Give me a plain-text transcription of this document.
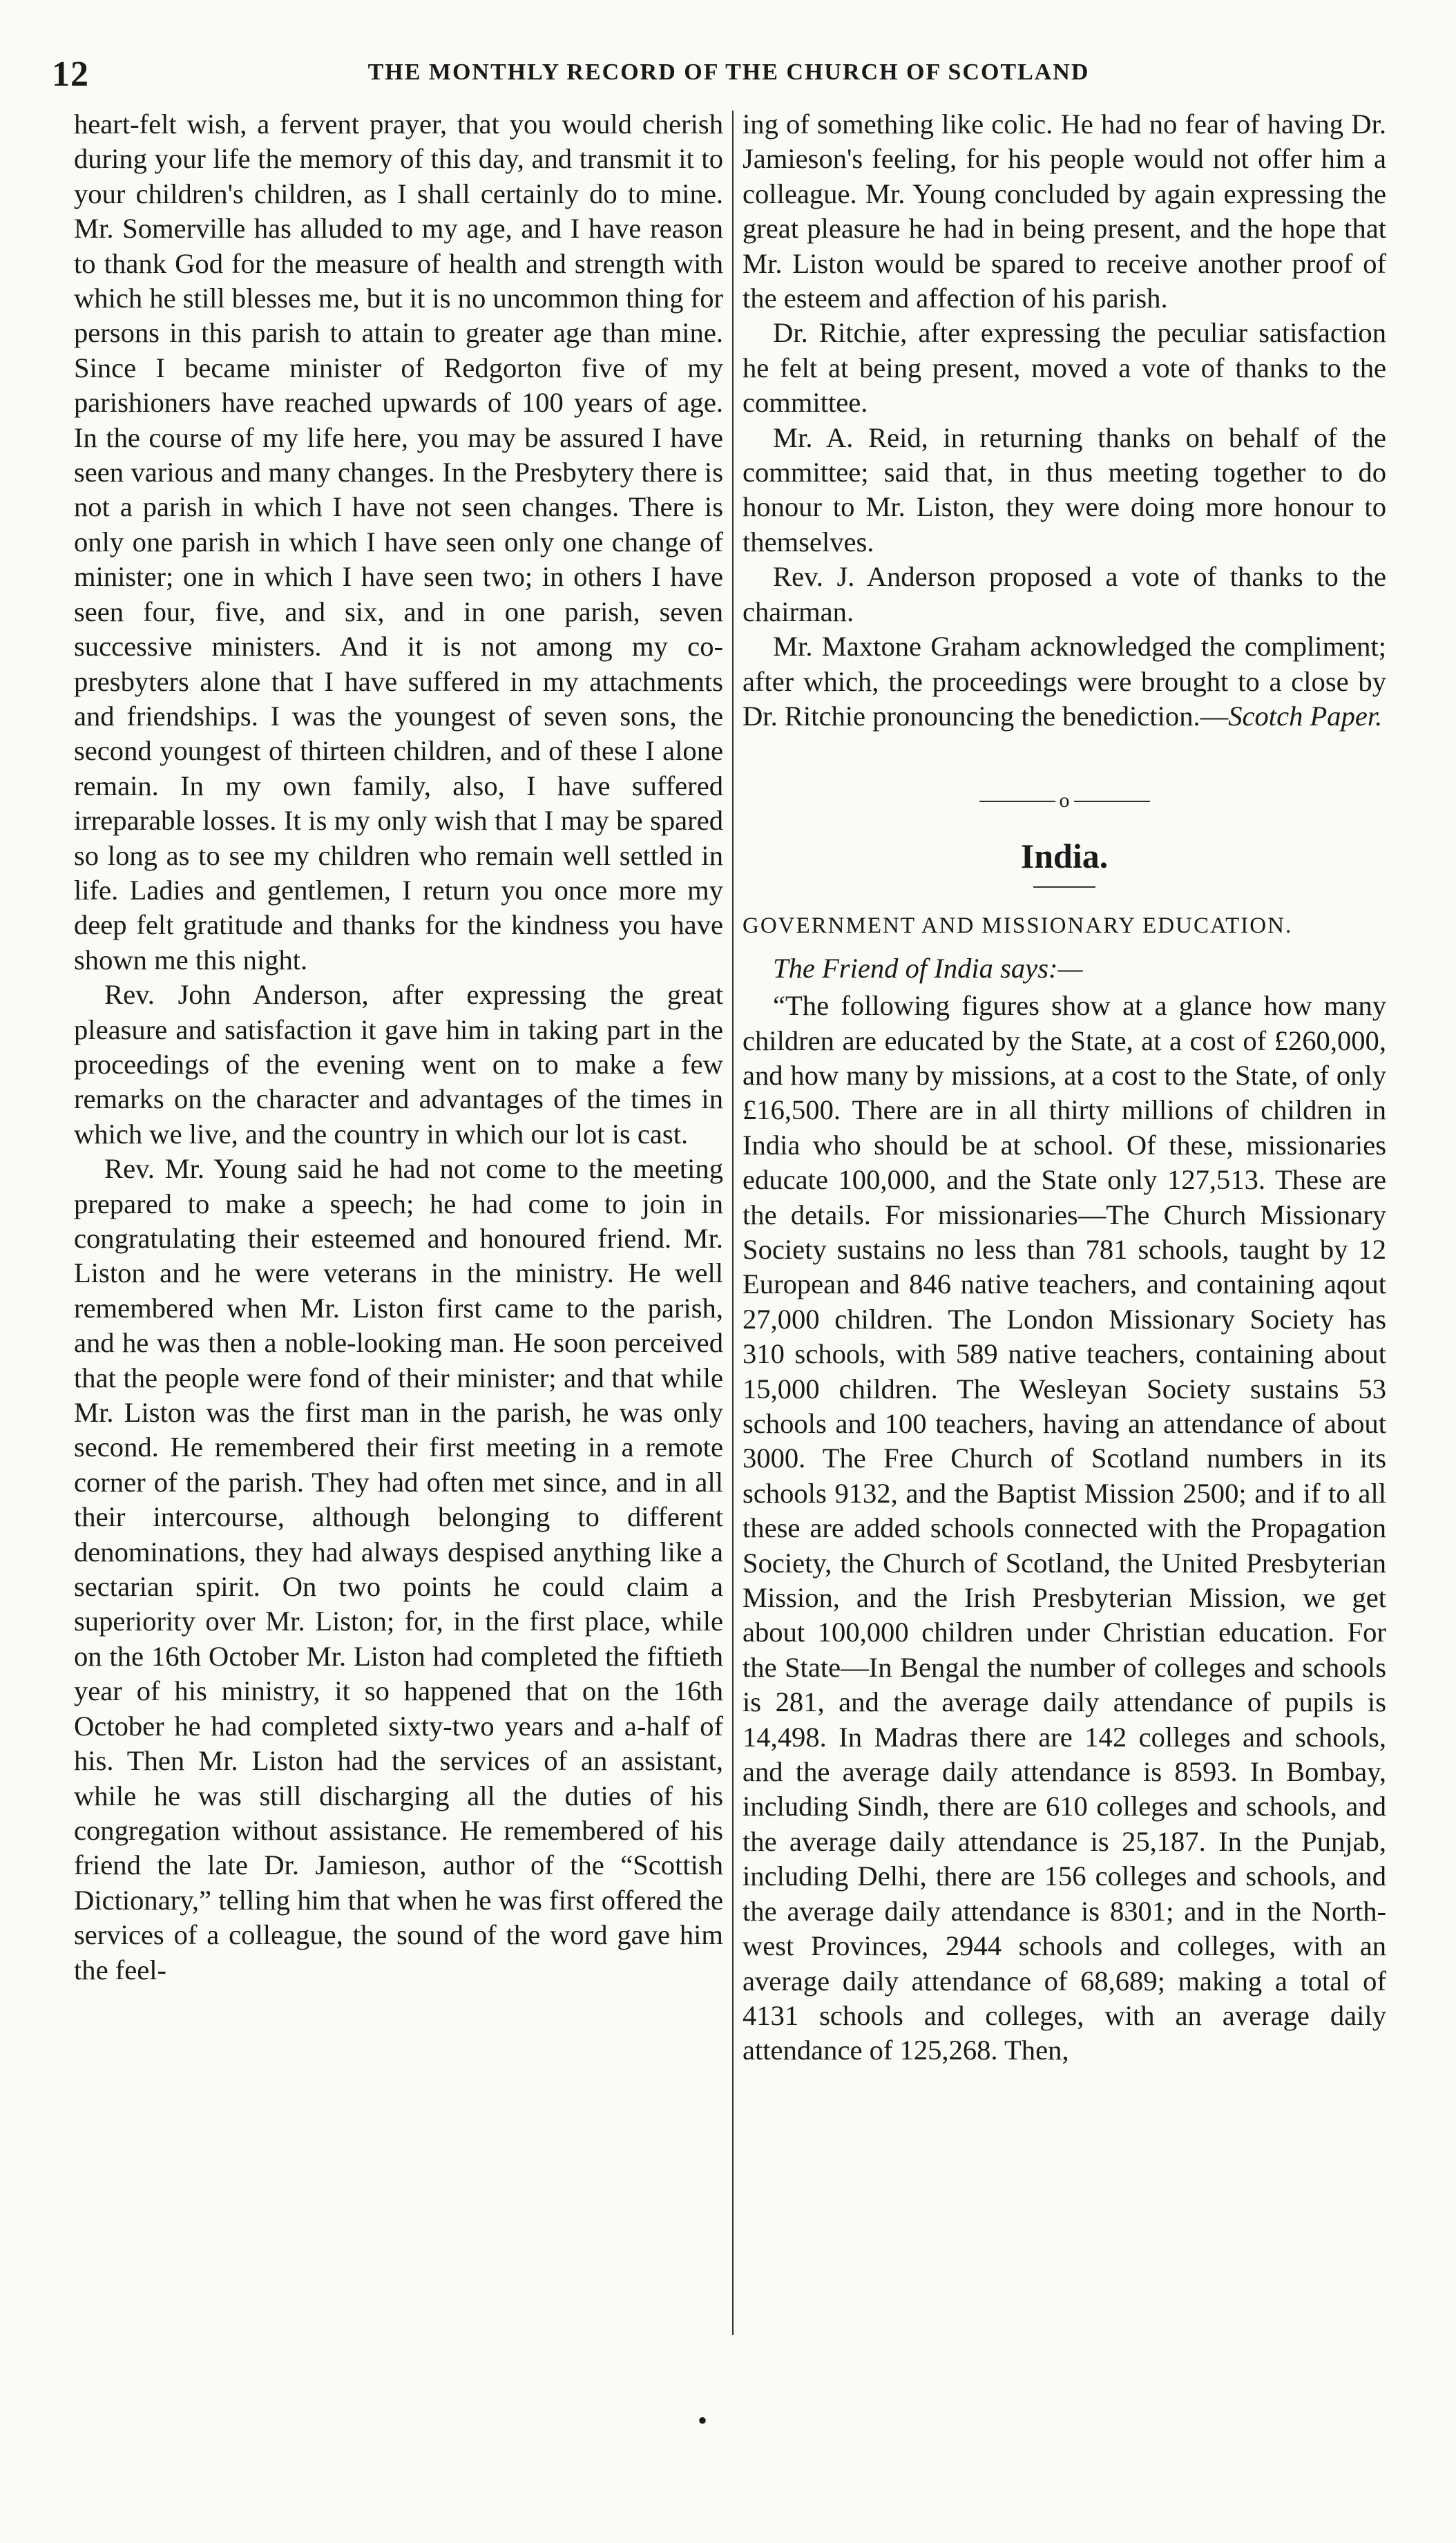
12	THE MONTHLY RECORD OF THE CHURCH OF SCOTLAND

heart-felt wish, a fervent prayer, that you would cherish during your life the memory of this day, and transmit it to your children's children, as I shall certainly do to mine. Mr. Somerville has alluded to my age, and I have reason to thank God for the measure of health and strength with which he still blesses me, but it is no uncommon thing for persons in this parish to attain to greater age than mine. Since I became minister of Redgorton five of my parishioners have reached upwards of 100 years of age. In the course of my life here, you may be assured I have seen various and many changes. In the Presbytery there is not a parish in which I have not seen changes. There is only one parish in which I have seen only one change of minister; one in which I have seen two; in others I have seen four, five, and six, and in one parish, seven successive ministers. And it is not among my co-presbyters alone that I have suffered in my attachments and friendships. I was the youngest of seven sons, the second youngest of thirteen children, and of these I alone remain. In my own family, also, I have suffered irreparable losses. It is my only wish that I may be spared so long as to see my children who remain well settled in life. Ladies and gentlemen, I return you once more my deep felt gratitude and thanks for the kindness you have shown me this night.

Rev. John Anderson, after expressing the great pleasure and satisfaction it gave him in taking part in the proceedings of the evening went on to make a few remarks on the character and advantages of the times in which we live, and the country in which our lot is cast.

Rev. Mr. Young said he had not come to the meeting prepared to make a speech; he had come to join in congratulating their esteemed and honoured friend. Mr. Liston and he were veterans in the ministry. He well remembered when Mr. Liston first came to the parish, and he was then a noble-looking man. He soon perceived that the people were fond of their minister; and that while Mr. Liston was the first man in the parish, he was only second. He remembered their first meeting in a remote corner of the parish. They had often met since, and in all their intercourse, although belonging to different denominations, they had always despised anything like a sectarian spirit. On two points he could claim a superiority over Mr. Liston; for, in the first place, while on the 16th October Mr. Liston had completed the fiftieth year of his ministry, it so happened that on the 16th October he had completed sixty-two years and a-half of his. Then Mr. Liston had the services of an assistant, while he was still discharging all the duties of his congregation without assistance. He remembered of his friend the late Dr. Jamieson, author of the “Scottish Dictionary,” telling him that when he was first offered the services of a colleague, the sound of the word gave him the feel-

ing of something like colic. He had no fear of having Dr. Jamieson's feeling, for his people would not offer him a colleague. Mr. Young concluded by again expressing the great pleasure he had in being present, and the hope that Mr. Liston would be spared to receive another proof of the esteem and affection of his parish.

Dr. Ritchie, after expressing the peculiar satisfaction he felt at being present, moved a vote of thanks to the committee.

Mr. A. Reid, in returning thanks on behalf of the committee; said that, in thus meeting together to do honour to Mr. Liston, they were doing more honour to themselves.

Rev. J. Anderson proposed a vote of thanks to the chairman.

Mr. Maxtone Graham acknowledged the compliment; after which, the proceedings were brought to a close by Dr. Ritchie pronouncing the benediction.—Scotch Paper.

o
India.
GOVERNMENT AND MISSIONARY EDUCATION.

The Friend of India says:—

“The following figures show at a glance how many children are educated by the State, at a cost of £260,000, and how many by missions, at a cost to the State, of only £16,500. There are in all thirty millions of children in India who should be at school. Of these, missionaries educate 100,000, and the State only 127,513. These are the details. For missionaries—The Church Missionary Society sustains no less than 781 schools, taught by 12 European and 846 native teachers, and containing aqout 27,000 children. The London Missionary Society has 310 schools, with 589 native teachers, containing about 15,000 children. The Wesleyan Society sustains 53 schools and 100 teachers, having an attendance of about 3000. The Free Church of Scotland numbers in its schools 9132, and the Baptist Mission 2500; and if to all these are added schools connected with the Propagation Society, the Church of Scotland, the United Presbyterian Mission, and the Irish Presbyterian Mission, we get about 100,000 children under Christian education. For the State—In Bengal the number of colleges and schools is 281, and the average daily attendance of pupils is 14,498. In Madras there are 142 colleges and schools, and the average daily attendance is 8593. In Bombay, including Sindh, there are 610 colleges and schools, and the average daily attendance is 25,187. In the Punjab, including Delhi, there are 156 colleges and schools, and the average daily attendance is 8301; and in the North-west Provinces, 2944 schools and colleges, with an average daily attendance of 68,689; making a total of 4131 schools and colleges, with an average daily attendance of 125,268. Then,

•
